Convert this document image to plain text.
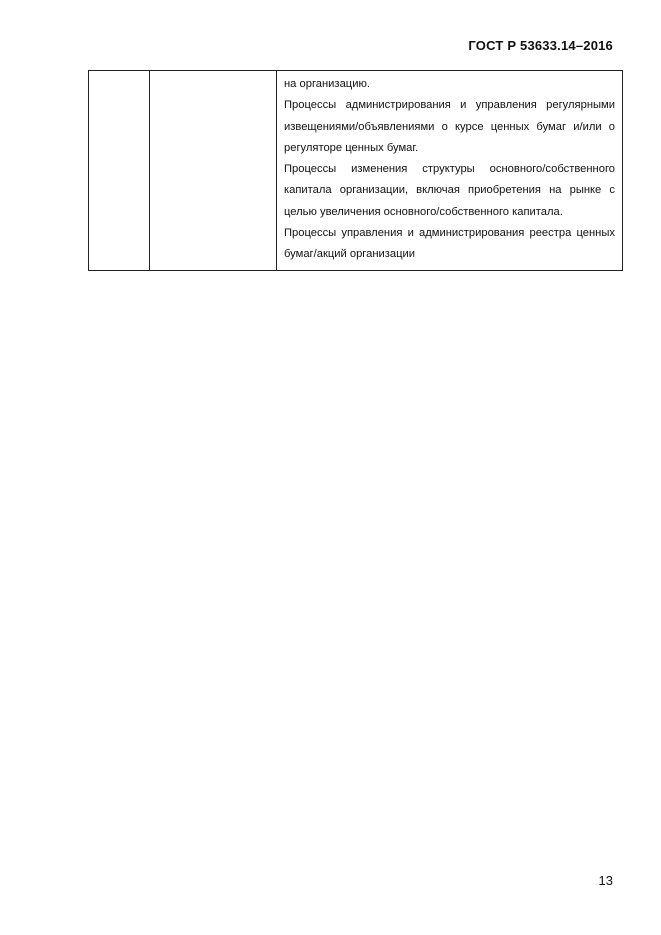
ГОСТ Р 53633.14–2016

на организацию.

Процессы администрирования и управления регулярными извещениями/объявлениями о курсе ценных бумаг и/или о регуляторе ценных бумаг.

Процессы изменения структуры основного/собственного капитала организации, включая приобретения на рынке с целью увеличения основного/собственного капитала.

Процессы управления и администрирования реестра ценных бумаг/акций организации

13
